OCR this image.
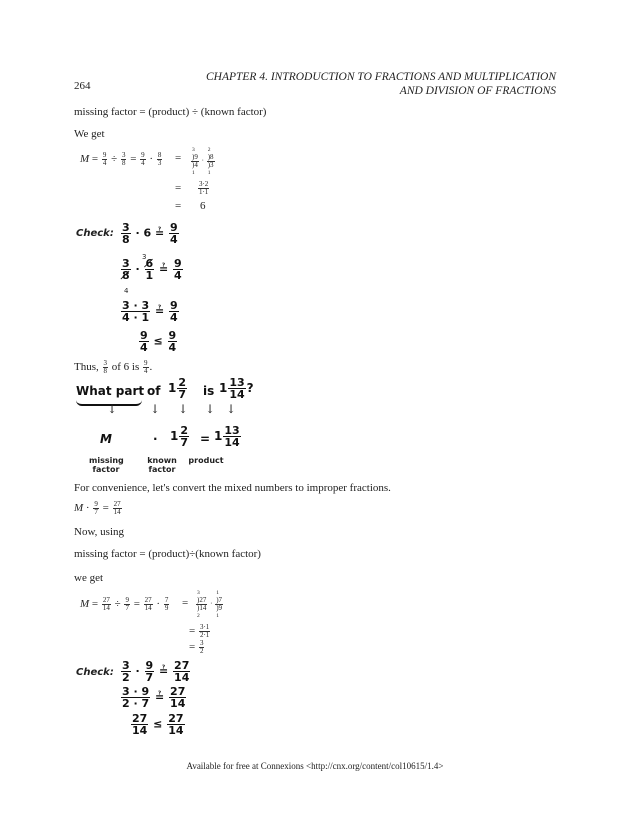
264
CHAPTER 4. INTRODUCTION TO FRACTIONS AND MULTIPLICATION
AND DIVISION OF FRACTIONS
missing factor = (product) ÷ (known factor)
We get
$M = \frac{9}{4} \div \frac{3}{8} = \frac{9}{4} \cdot \frac{8}{3}$ =
3
)9
)4
1
·
2
)8
)3
1
= $\frac{3\cdot 2}{1\cdot 1}$
= 6
Check: $\frac{3}{8} \cdot 6$ ≟ $\frac{9}{4}$
$\frac{3}{8̸} \cdot \frac{6̸}{1}$ ≟ $\frac{9}{4}$
3
4
$\frac{3 \cdot 3}{4 \cdot 1}$ ≟ $\frac{9}{4}$
$\frac{9}{4} \le \frac{9}{4}$
Thus, $\frac{3}{8}$ of 6 is $\frac{9}{4}$ .
What part of $1 \frac{2}{7}$ is $1 \frac{13}{14}$ ?
↓	↓ ↓ ↓ ↓
M	· $1 \frac{2}{7} = 1 \frac{13}{14}$
missing
factor
known
factor
product
For convenience, let's convert the mixed numbers to improper fractions.
$M \cdot \frac{9}{7} = \frac{27}{14}$
Now, using
missing factor = (product)÷(known factor)
we get
$M = \frac{27}{14} \div \frac{9}{7} = \frac{27}{14} \cdot \frac{7}{9}$ =
3
)27
)14
2
·
1
)7
)9
1
= $\frac{3\cdot 1}{2\cdot 1}$
= $\frac{3}{2}$
Check: $\frac{3}{2} \cdot \frac{9}{7}$ ≟ $\frac{27}{14}$
$\frac{3 \cdot 9}{2 \cdot 7}$ ≟ $\frac{27}{14}$
$\frac{27}{14} \le \frac{27}{14}$
Available for free at Connexions <http://cnx.org/content/col10615/1.4>
